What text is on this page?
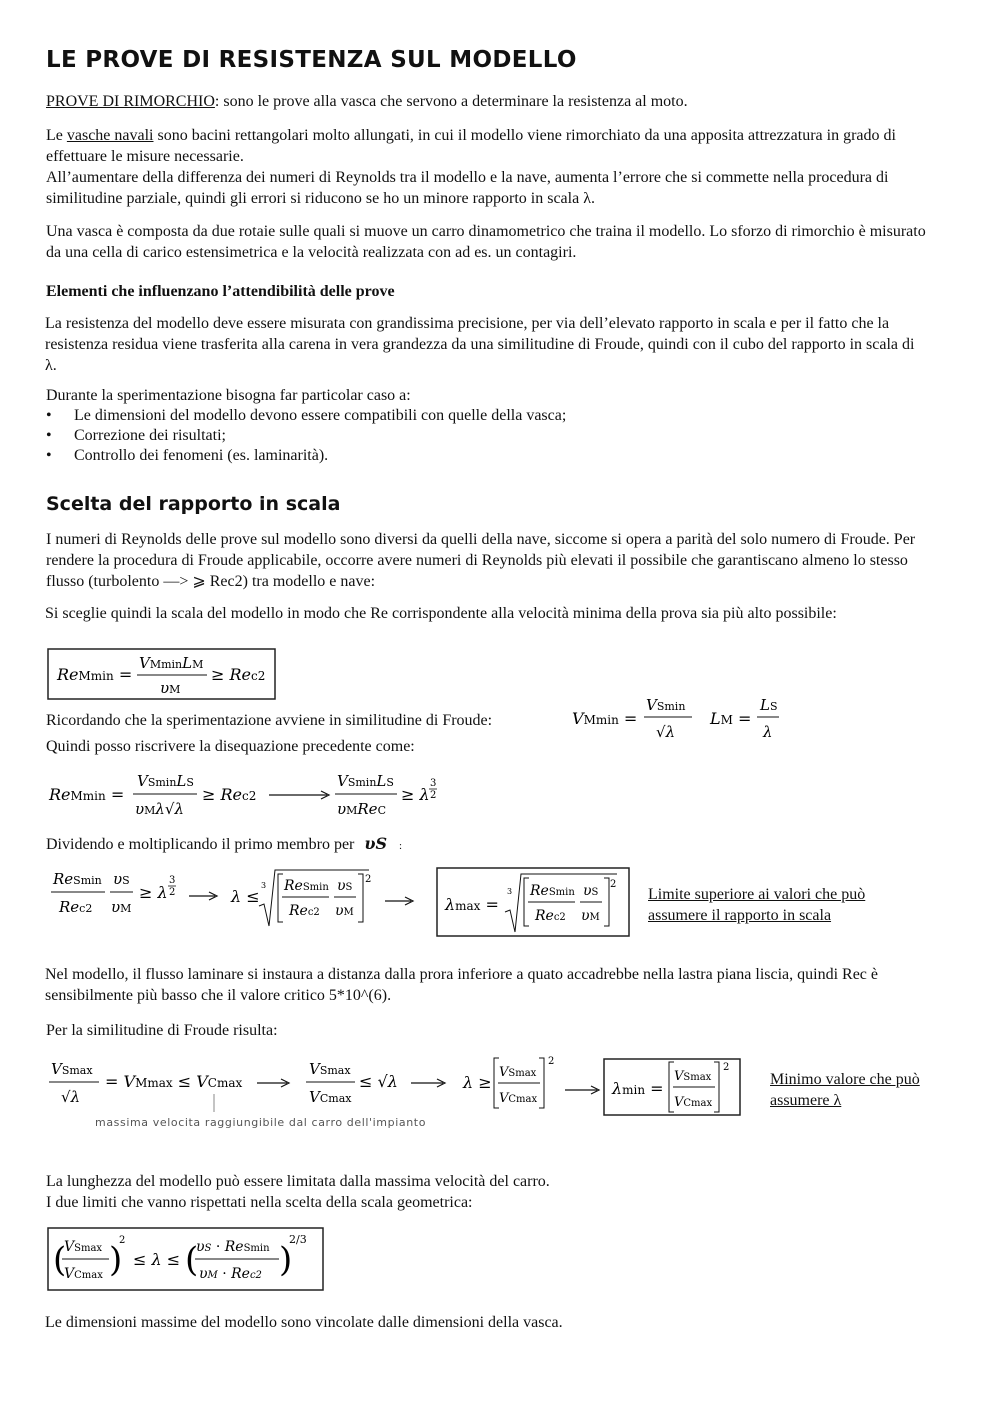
LE PROVE DI RESISTENZA SUL MODELLO

PROVE DI RIMORCHIO: sono le prove alla vasca che servono a determinare la resistenza al moto.

Le vasche navali sono bacini rettangolari molto allungati, in cui il modello viene rimorchiato da una apposita attrezzatura in grado di effettuare le misure necessarie.

All’aumentare della differenza dei numeri di Reynolds tra il modello e la nave, aumenta l’errore che si commette nella procedura di similitudine parziale, quindi gli errori si riducono se ho un minore rapporto in scala λ.

Una vasca è composta da due rotaie sulle quali si muove un carro dinamometrico che traina il modello. Lo sforzo di rimorchio è misurato da una cella di carico estensimetrica e la velocità realizzata con ad es. un contagiri.

Elementi che influenzano l’attendibilità delle prove

La resistenza del modello deve essere misurata con grandissima precisione, per via dell’elevato rapporto in scala e per il fatto che la resistenza residua viene trasferita alla carena in vera grandezza da una similitudine di Froude, quindi con il cubo del rapporto in scala di λ.

Durante la sperimentazione bisogna far particolar caso a:

• Le dimensioni del modello devono essere compatibili con quelle della vasca;
• Correzione dei risultati;
• Controllo dei fenomeni (es. laminarità).
Scelta del rapporto in scala

I numeri di Reynolds delle prove sul modello sono diversi da quelli della nave, siccome si opera a parità del solo numero di Froude. Per rendere la procedura di Froude applicabile, occorre avere numeri di Reynolds più elevati il possibile che garantiscano almeno lo stesso flusso (turbolento —> ⩾ Rec2) tra modello e nave:

Si sceglie quindi la scala del modello in modo che Re corrispondente alla velocità minima della prova sia più alto possibile:

ReMmin =
VMminLM
υM
≥ Rec2

Ricordando che la sperimentazione avviene in similitudine di Froude:	VMmin =
VSmin
√λ
LM =
LS
λ

Quindi posso riscrivere la disequazione precedente come:

ReMmin =
VSminLS
υMλ√λ
≥ Rec2
VSminLS
υMReC
≥ λ
3
2

Dividendo e moltiplicando il primo membro per υS :

ReSmin
Rec2
υS
υM
≥ λ
3
2	λ ≤
3 ReSmin
Rec2
υS
υM
2
λmax =
3 ReSmin
Rec2
υS
υM
2

Limite superiore ai valori che può assumere il rapporto in scala

Nel modello, il flusso laminare si instaura a distanza dalla prora inferiore a quato accadrebbe nella lastra piana liscia, quindi Rec è sensibilmente più basso che il valore critico 5*10^(6).

Per la similitudine di Froude risulta:

VSmax
√λ
= VMmax ≤ VCmax
VSmax
VCmax
≤ √λ	λ ≥
VSmax
VCmax
2
λmin =
VSmax
VCmax
2
massima velocita raggiungibile dal carro dell'impianto

Minimo valore che può assumere λ

La lunghezza del modello può essere limitata dalla massima velocità del carro.

I due limiti che vanno rispettati nella scelta della scala geometrica:

(
VSmax
VCmax )
2
≤ λ ≤ (
υS · ReSmin
υM · Rec2 )
2/3

Le dimensioni massime del modello sono vincolate dalle dimensioni della vasca.
